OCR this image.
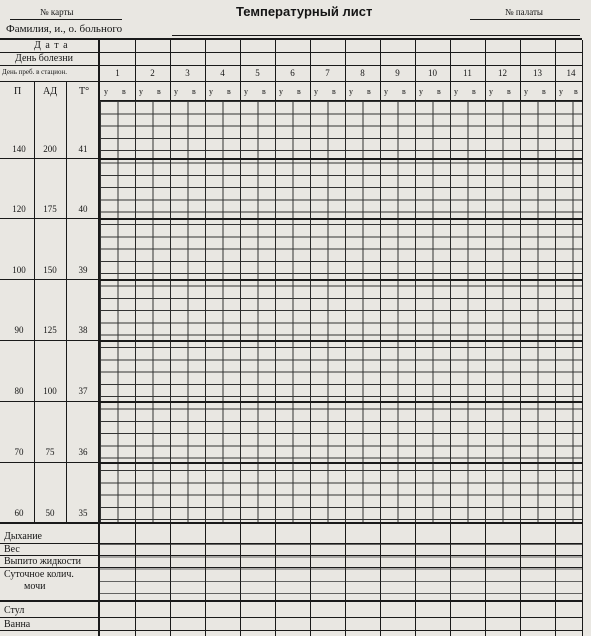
№ карты	Температурный лист	№ палаты
Фамилия, и., о. больного
Д а т а
День болезни
День преб. в стацион.
П АД Т°
140	200	41
120	175	40
100	150	39
90	125	38
80	100	37
70	75	36
60	50	35
1	2	3	4	5	6	7	8	9	10	11	12	13	14
у в у в у в у в у в у в у в у в у в у в у в у в у в у в
Дыхание
Вес
Выпито жидкости
Суточное колич.
мочи
Стул
Ванна
